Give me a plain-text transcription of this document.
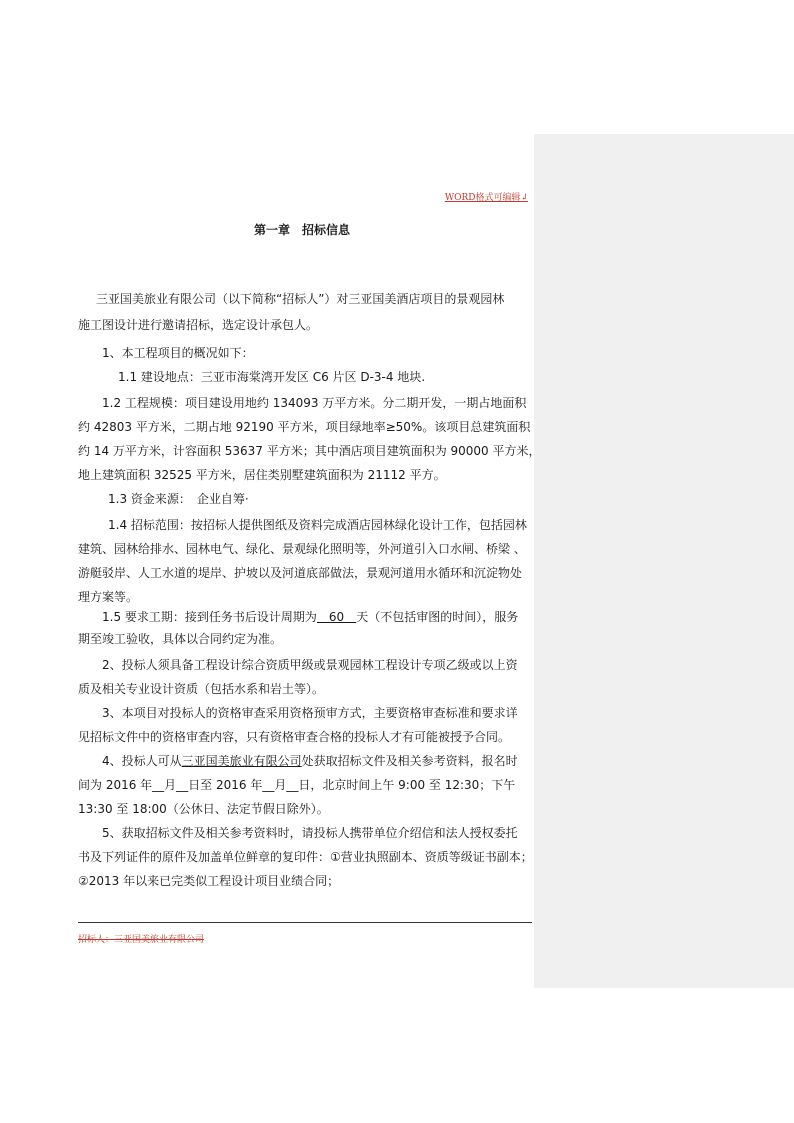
WORD格式可编辑↲
第一章　招标信息
三亚国美旅业有限公司（以下简称“招标人”）对三亚国美酒店项目的景观园林
施工图设计进行邀请招标，选定设计承包人。
1、本工程项目的概况如下：
1.1 建设地点：三亚市海棠湾开发区 C6 片区 D-3-4 地块.
1.2 工程规模：项目建设用地约 134093 万平方米。分二期开发，一期占地面积
约 42803 平方米，二期占地 92190 平方米，项目绿地率≥50%。该项目总建筑面积
约 14 万平方米，计容面积 53637 平方米；其中酒店项目建筑面积为 90000 平方米，
地上建筑面积 32525 平方米，居住类别墅建筑面积为 21112 平方。
1.3 资金来源：　企业自筹·
1.4 招标范围：按招标人提供图纸及资料完成酒店园林绿化设计工作，包括园林
建筑、园林给排水、园林电气、绿化、景观绿化照明等，外河道引入口水闸、桥梁 、
游艇驳岸、人工水道的堤岸、护坡以及河道底部做法，景观河道用水循环和沉淀物处
理方案等。
1.5 要求工期：接到任务书后设计周期为　60　天（不包括审图的时间），服务
期至竣工验收，具体以合同约定为准。
2、投标人须具备工程设计综合资质甲级或景观园林工程设计专项乙级或以上资
质及相关专业设计资质（包括水系和岩土等）。
3、本项目对投标人的资格审查采用资格预审方式，主要资格审查标准和要求详
见招标文件中的资格审查内容，只有资格审查合格的投标人才有可能被授予合同。
4、投标人可从三亚国美旅业有限公司处获取招标文件及相关参考资料，报名时
间为 2016 年__月__日至 2016 年__月__日，北京时间上午 9:00 至 12:30；下午
13:30 至 18:00（公休日、法定节假日除外）。
5、获取招标文件及相关参考资料时，请投标人携带单位介绍信和法人授权委托
书及下列证件的原件及加盖单位鲜章的复印件：①营业执照副本、资质等级证书副本；
②2013 年以来已完类似工程设计项目业绩合同；
招标人：三亚国美旅业有限公司
